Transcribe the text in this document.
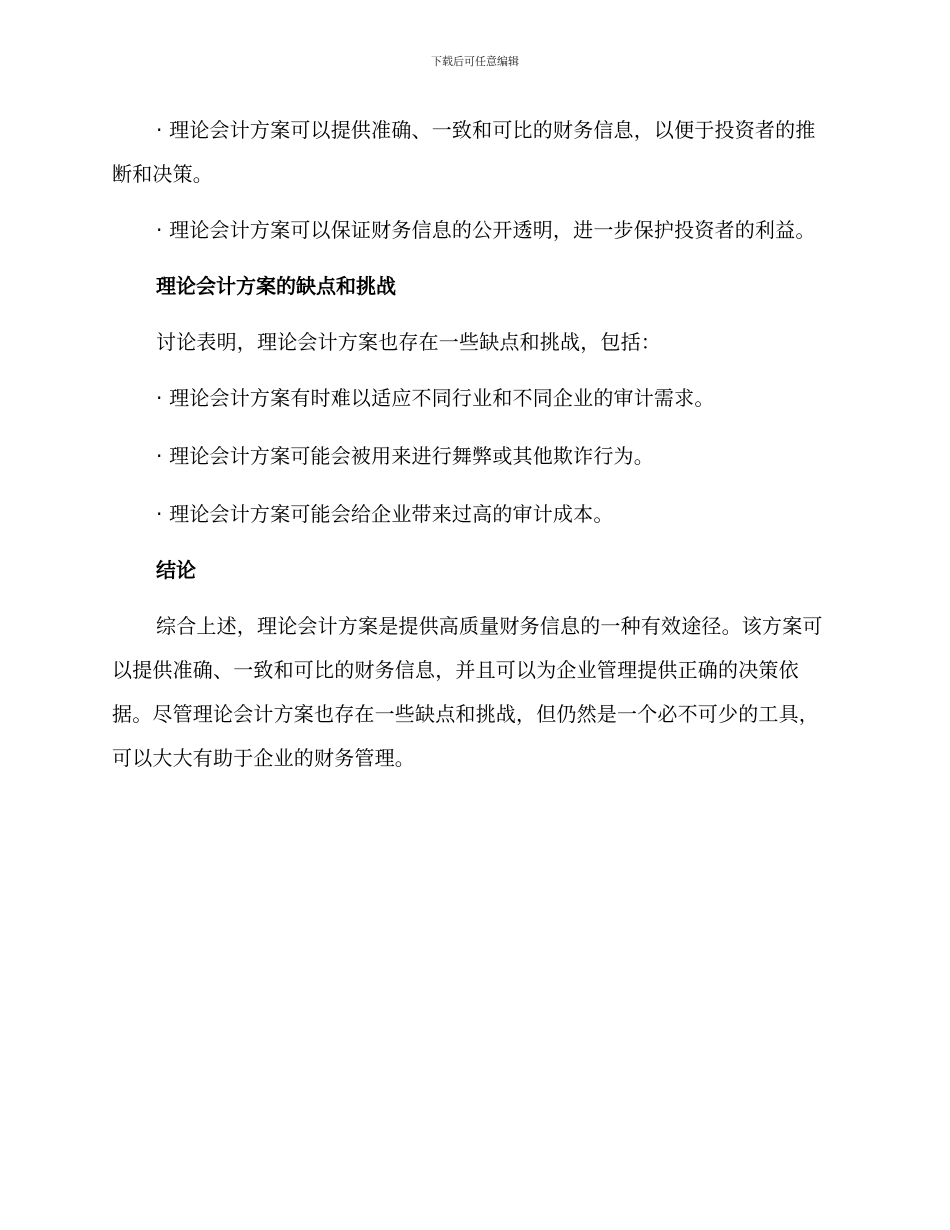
下载后可任意编辑

· 理论会计方案可以提供准确、一致和可比的财务信息，以便于投资者的推断和决策。

· 理论会计方案可以保证财务信息的公开透明，进一步保护投资者的利益。

理论会计方案的缺点和挑战

讨论表明，理论会计方案也存在一些缺点和挑战，包括：

· 理论会计方案有时难以适应不同行业和不同企业的审计需求。

· 理论会计方案可能会被用来进行舞弊或其他欺诈行为。

· 理论会计方案可能会给企业带来过高的审计成本。

结论

综合上述，理论会计方案是提供高质量财务信息的一种有效途径。该方案可以提供准确、一致和可比的财务信息，并且可以为企业管理提供正确的决策依据。尽管理论会计方案也存在一些缺点和挑战，但仍然是一个必不可少的工具，可以大大有助于企业的财务管理。
